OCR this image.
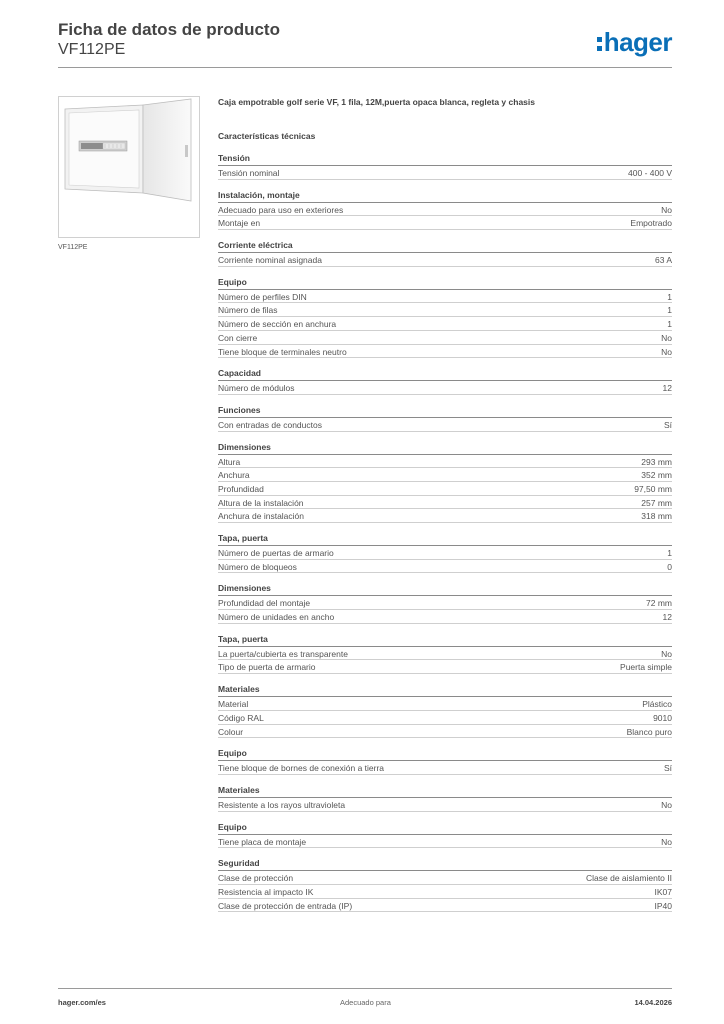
Ficha de datos de producto
VF112PE	hager
VF112PE

Caja empotrable golf serie VF, 1 fila, 12M,puerta opaca blanca, regleta y chasis

Características técnicas
Tensión
Tensión nominal	400 - 400 V
Instalación, montaje
Adecuado para uso en exteriores	No
Montaje en	Empotrado
Corriente eléctrica
Corriente nominal asignada	63 A
Equipo
Número de perfiles DIN	1
Número de filas	1
Número de sección en anchura	1
Con cierre	No
Tiene bloque de terminales neutro	No
Capacidad
Número de módulos	12
Funciones
Con entradas de conductos	Sí
Dimensiones
Altura	293 mm
Anchura	352 mm
Profundidad	97,50 mm
Altura de la instalación	257 mm
Anchura de instalación	318 mm
Tapa, puerta
Número de puertas de armario	1
Número de bloqueos	0
Dimensiones
Profundidad del montaje	72 mm
Número de unidades en ancho	12
Tapa, puerta
La puerta/cubierta es transparente	No
Tipo de puerta de armario	Puerta simple
Materiales
Material	Plástico
Código RAL	9010
Colour	Blanco puro
Equipo
Tiene bloque de bornes de conexión a tierra	Sí
Materiales
Resistente a los rayos ultravioleta	No
Equipo
Tiene placa de montaje	No
Seguridad
Clase de protección	Clase de aislamiento II
Resistencia al impacto IK	IK07
Clase de protección de entrada (IP)	IP40
hager.com/es	Adecuado para	14.04.2026
